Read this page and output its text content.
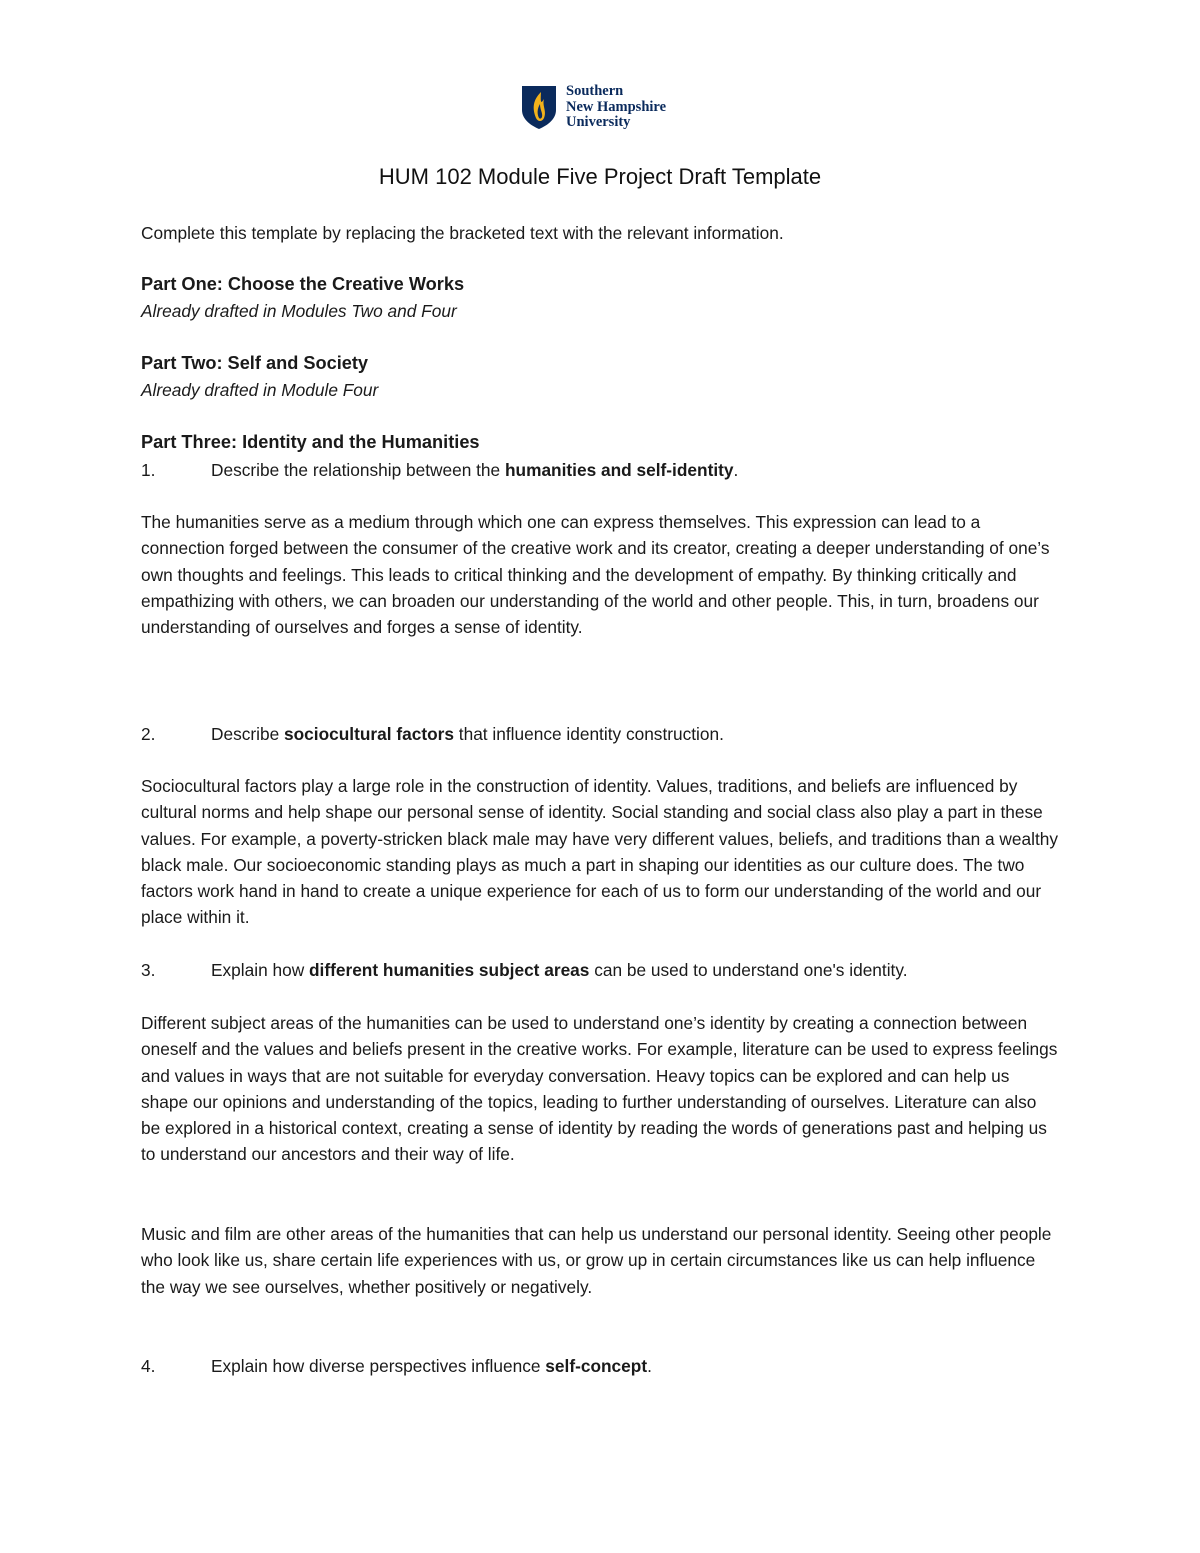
Southern
New Hampshire
University
HUM 102 Module Five Project Draft Template

Complete this template by replacing the bracketed text with the relevant information.

Part One: Choose the Creative Works

Already drafted in Modules Two and Four

Part Two: Self and Society

Already drafted in Module Four

Part Three: Identity and the Humanities

1.	Describe the relationship between the humanities and self-identity.

The humanities serve as a medium through which one can express themselves. This expression can lead to a connection forged between the consumer of the creative work and its creator, creating a deeper understanding of one’s own thoughts and feelings. This leads to critical thinking and the development of empathy. By thinking critically and empathizing with others, we can broaden our understanding of the world and other people. This, in turn, broadens our understanding of ourselves and forges a sense of identity.

2.	Describe sociocultural factors that influence identity construction.

Sociocultural factors play a large role in the construction of identity. Values, traditions, and beliefs are influenced by cultural norms and help shape our personal sense of identity. Social standing and social class also play a part in these values. For example, a poverty-stricken black male may have very different values, beliefs, and traditions than a wealthy black male. Our socioeconomic standing plays as much a part in shaping our identities as our culture does. The two factors work hand in hand to create a unique experience for each of us to form our understanding of the world and our place within it.

3.	Explain how different humanities subject areas can be used to understand one's identity.

Different subject areas of the humanities can be used to understand one’s identity by creating a connection between oneself and the values and beliefs present in the creative works. For example, literature can be used to express feelings and values in ways that are not suitable for everyday conversation. Heavy topics can be explored and can help us shape our opinions and understanding of the topics, leading to further understanding of ourselves. Literature can also be explored in a historical context, creating a sense of identity by reading the words of generations past and helping us to understand our ancestors and their way of life.

Music and film are other areas of the humanities that can help us understand our personal identity. Seeing other people who look like us, share certain life experiences with us, or grow up in certain circumstances like us can help influence the way we see ourselves, whether positively or negatively.

4.	Explain how diverse perspectives influence self-concept.
